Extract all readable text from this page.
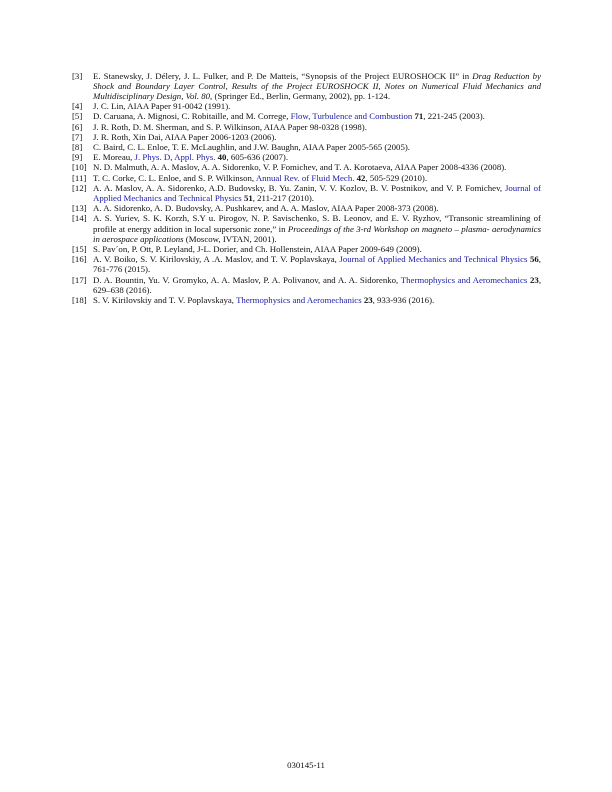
[3]	E. Stanewsky, J. Délery, J. L. Fulker, and P. De Matteis, “Synopsis of the Project EUROSHOCK II” in Drag Reduction by Shock and Boundary Layer Control, Results of the Project EUROSHOCK II, Notes on Numerical Fluid Mechanics and Multidisciplinary Design, Vol. 80, (Springer Ed., Berlin, Germany, 2002), pp. 1-124.
[4]	J. C. Lin, AIAA Paper 91-0042 (1991).
[5]	D. Caruana, A. Mignosi, C. Robitaille, and M. Correge, Flow, Turbulence and Combustion 71, 221-245 (2003).
[6]	J. R. Roth, D. M. Sherman, and S. P. Wilkinson, AIAA Paper 98-0328 (1998).
[7]	J. R. Roth, Xin Dai, AIAA Paper 2006-1203 (2006).
[8]	C. Baird, C. L. Enloe, T. E. McLaughlin, and J.W. Baughn, AIAA Paper 2005-565 (2005).
[9]	E. Moreau, J. Phys. D, Appl. Phys. 40, 605-636 (2007).
[10] N. D. Malmuth, A. A. Maslov, A. A. Sidorenko, V. P. Fomichev, and T. A. Korotaeva, AIAA Paper 2008-4336 (2008).
[11] T. C. Corke, C. L. Enloe, and S. P. Wilkinson, Annual Rev. of Fluid Mech. 42, 505-529 (2010).
[12] A. A. Maslov, A. A. Sidorenko, A.D. Budovsky, B. Yu. Zanin, V. V. Kozlov, B. V. Postnikov, and V. P. Fomichev, Journal of Applied Mechanics and Technical Physics 51, 211-217 (2010).
[13] A. A. Sidorenko, A. D. Budovsky, A. Pushkarev, and A. A. Maslov, AIAA Paper 2008-373 (2008).
[14] A. S. Yuriev, S. K. Korzh, S.Y u. Pirogov, N. P. Savischenko, S. B. Leonov, and E. V. Ryzhov, “Transonic streamlining of profile at energy addition in local supersonic zone,” in Proceedings of the 3-rd Workshop on magneto – plasma- aerodynamics in aerospace applications (Moscow, IVTAN, 2001).
[15] S. Pav´on, P. Ott, P. Leyland, J-L. Dorier, and Ch. Hollenstein, AIAA Paper 2009-649 (2009).
[16] A. V. Boiko, S. V. Kirilovskiy, A .A. Maslov, and T. V. Poplavskaya, Journal of Applied Mechanics and Technical Physics 56, 761-776 (2015).
[17] D. A. Bountin, Yu. V. Gromyko, A. A. Maslov, P. A. Polivanov, and A. A. Sidorenko, Thermophysics and Aeromechanics 23, 629–638 (2016).
[18] S. V. Kirilovskiy and T. V. Poplavskaya, Thermophysics and Aeromechanics 23, 933-936 (2016).
030145-11
